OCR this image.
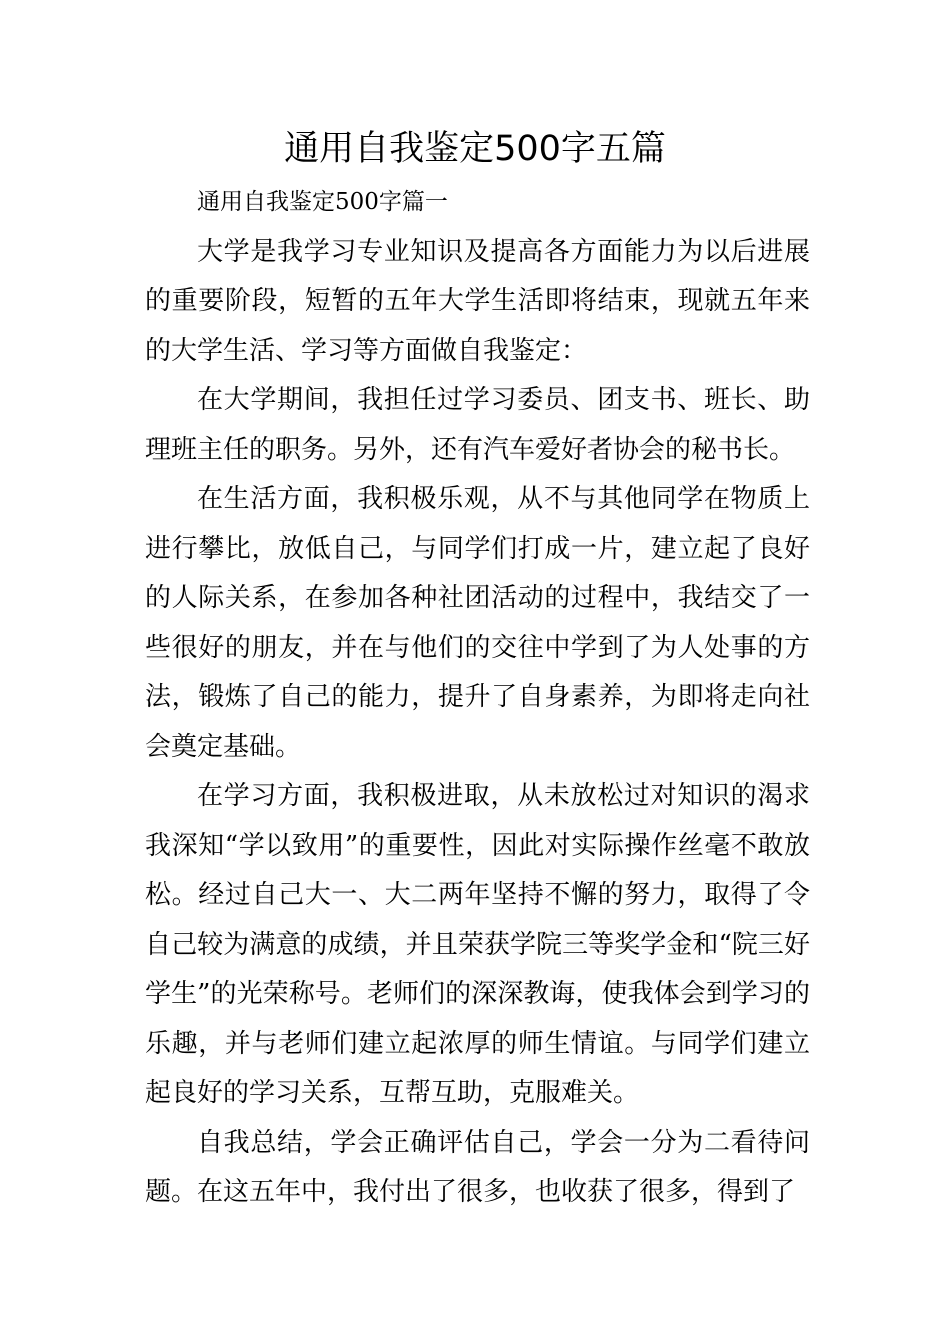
通用自我鉴定500字五篇

通用自我鉴定500字篇一

大学是我学习专业知识及提高各方面能力为以后进展的重要阶段，短暂的五年大学生活即将结束，现就五年来的大学生活、学习等方面做自我鉴定：

在大学期间，我担任过学习委员、团支书、班长、助理班主任的职务。另外，还有汽车爱好者协会的秘书长。

在生活方面，我积极乐观，从不与其他同学在物质上进行攀比，放低自己，与同学们打成一片，建立起了良好的人际关系，在参加各种社团活动的过程中，我结交了一些很好的朋友，并在与他们的交往中学到了为人处事的方法，锻炼了自己的能力，提升了自身素养，为即将走向社会奠定基础。

在学习方面，我积极进取，从未放松过对知识的渴求我深知“学以致用”的重要性，因此对实际操作丝毫不敢放松。经过自己大一、大二两年坚持不懈的努力，取得了令自己较为满意的成绩，并且荣获学院三等奖学金和“院三好学生”的光荣称号。老师们的深深教诲，使我体会到学习的乐趣，并与老师们建立起浓厚的师生情谊。与同学们建立起良好的学习关系，互帮互助，克服难关。

自我总结，学会正确评估自己，学会一分为二看待问题。在这五年中，我付出了很多，也收获了很多，得到了
